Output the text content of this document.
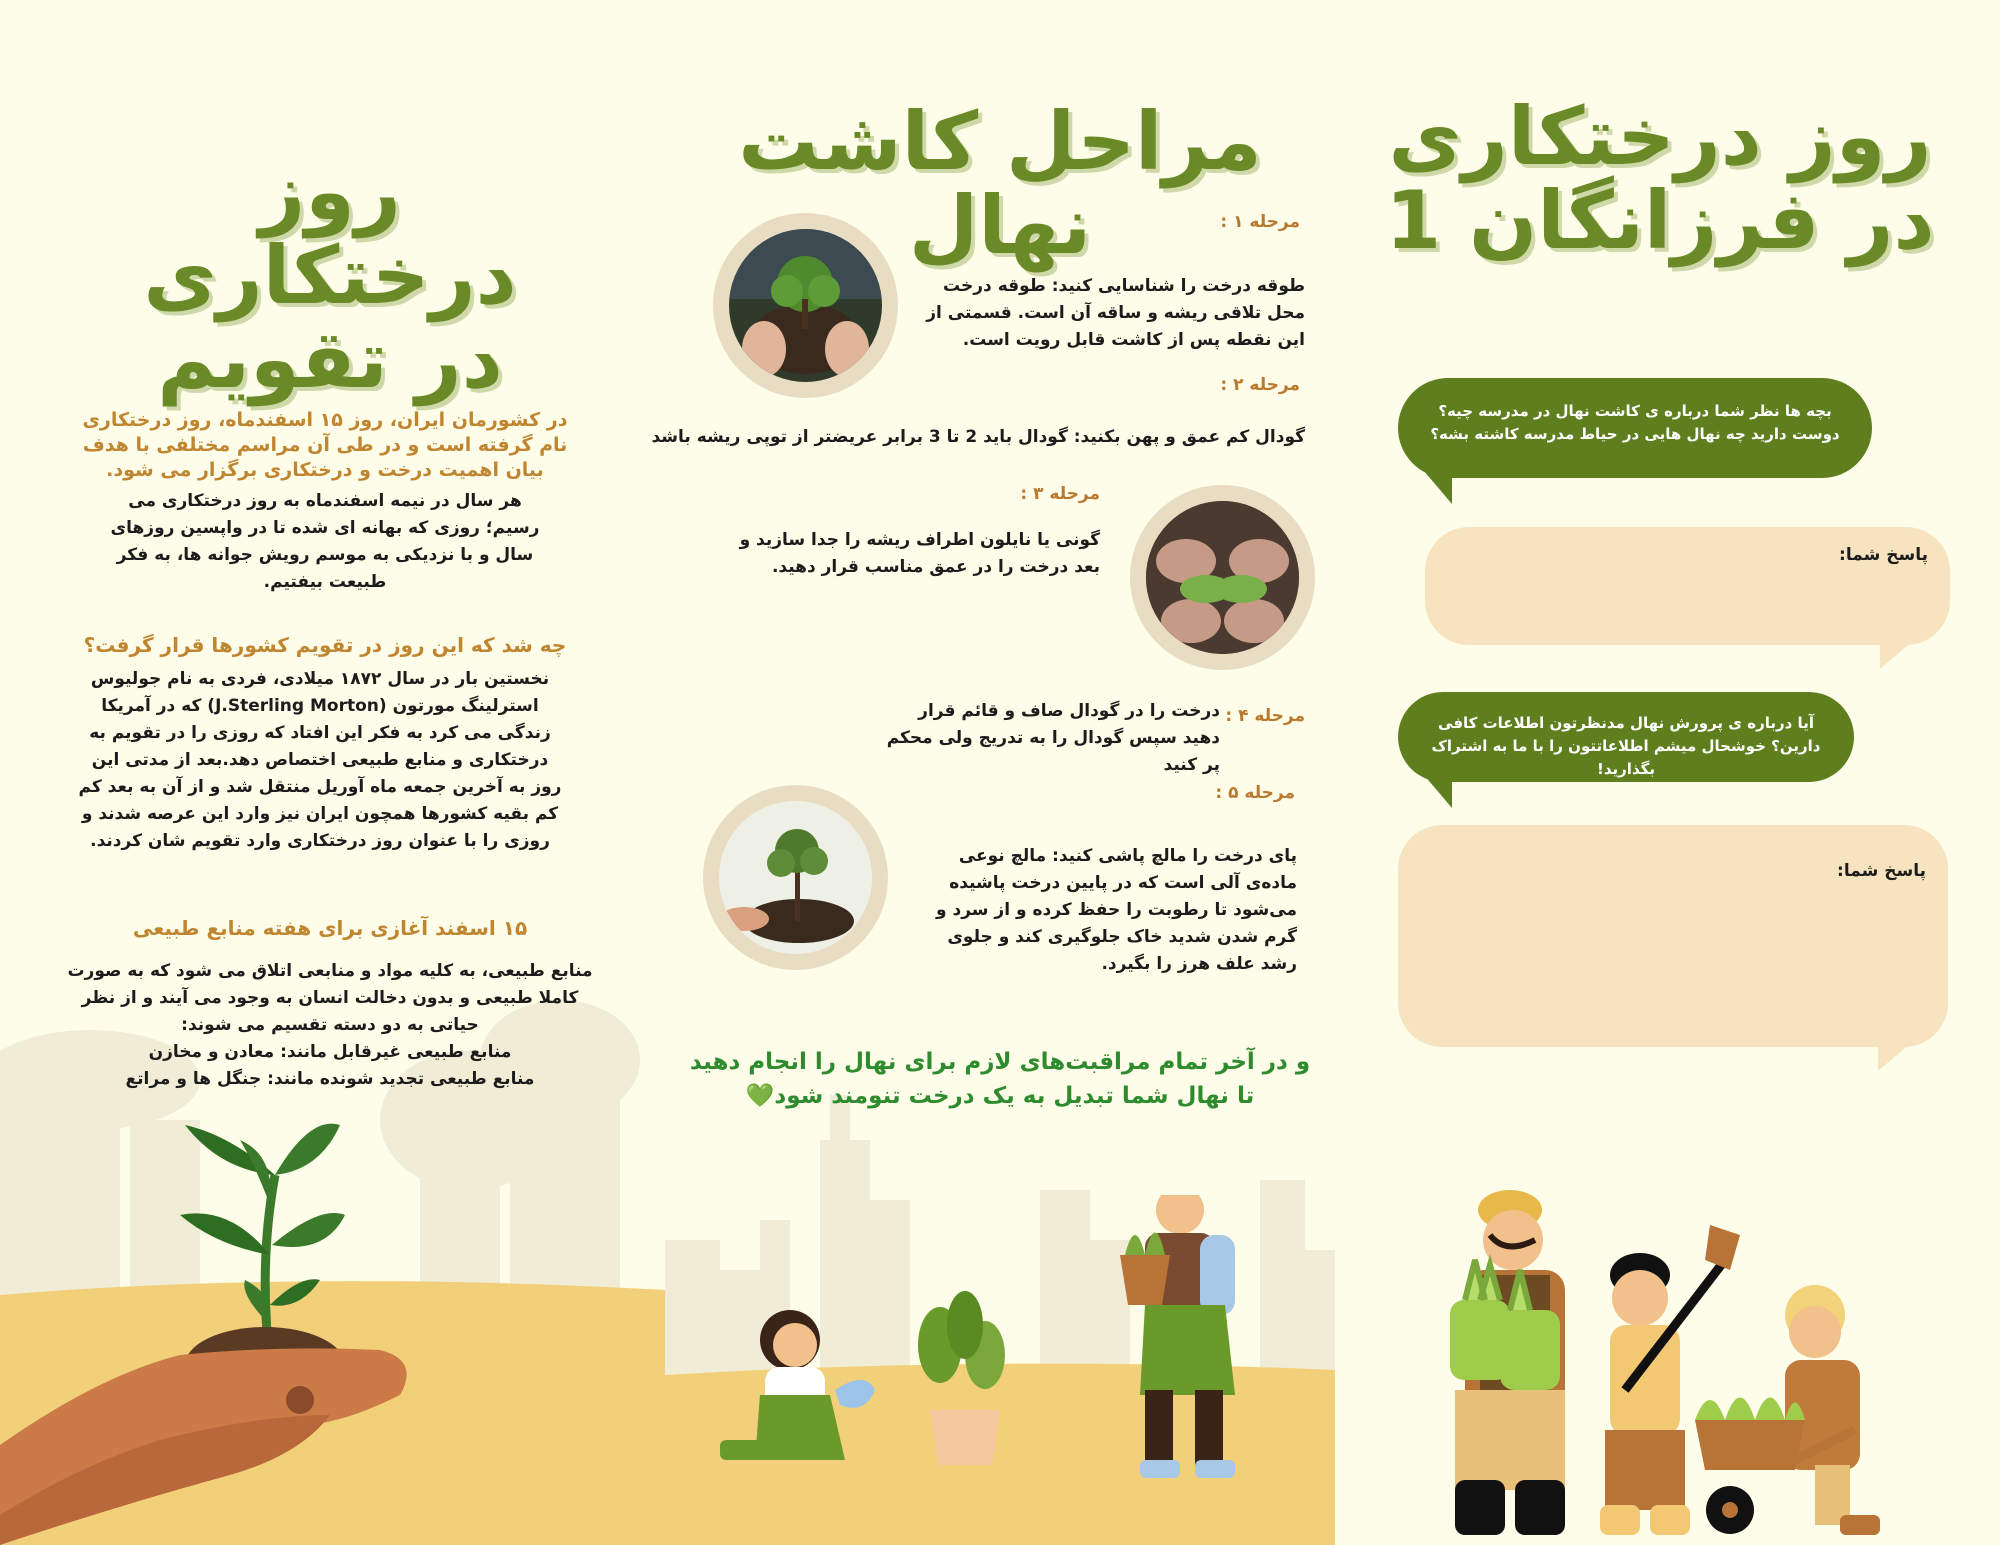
روز درختکاری
در فرزانگان 1
بچه ها نظر شما درباره ی کاشت نهال در مدرسه چیه؟دوست دارید چه نهال هایی در حیاط مدرسه کاشته بشه؟
پاسخ شما:
آیا درباره ی پرورش نهال مدنظرتون اطلاعات کافی دارین؟ خوشحال میشم اطلاعاتتون را با ما به اشتراک بگذارید!
پاسخ شما:
مراحل کاشت نهال	مرحله ۱ :
طوقه درخت را شناسایی کنید: طوقه درخت محل تلاقی ریشه و ساقه آن است. قسمتی از این نقطه پس از کاشت قابل رویت است.
مرحله ۲ :
گودال کم عمق و پهن بکنید: گودال باید 2 تا 3 برابر عریضتر از توپی ریشه باشد
مرحله ۳ :
گونی یا نایلون اطراف ریشه را جدا سازید و بعد درخت را در عمق مناسب قرار دهید.
مرحله ۴ :
درخت را در گودال صاف و قائم قرار دهید سپس گودال را به تدریج ولی محکم پر کنید
مرحله ۵ :
پای درخت را مالچ پاشی کنید: مالچ نوعی ماده‌ی آلی است که در پایین درخت پاشیده می‌شود تا رطوبت را حفظ کرده و از سرد و گرم شدن شدید خاک جلوگیری کند و جلوی رشد علف هرز را بگیرد.
و در آخر تمام مراقبت‌های لازم برای نهال را انجام دهید
تا نهال شما تبدیل به یک درخت تنومند شود💚
روز درختکاری
در تقویم
در کشورمان ایران، روز ۱۵ اسفندماه، روز درختکاری نام گرفته است و در طی آن مراسم مختلفی با هدف بیان اهمیت درخت و درختکاری برگزار می شود.
هر سال در نیمه اسفندماه به روز درختکاری می رسیم؛ روزی که بهانه ای شده تا در واپسین روزهای سال و با نزدیکی به موسم رویش جوانه ها، به فکر طبیعت بیفتیم.
چه شد که این روز در تقویم کشورها قرار گرفت؟
نخستین بار در سال ۱۸۷۲ میلادی، فردی به نام جولیوس استرلینگ مورتون (J.Sterling Morton) که در آمریکا زندگی می کرد به فکر این افتاد که روزی را در تقویم به درختکاری و منابع طبیعی اختصاص دهد.بعد از مدتی این روز به آخرین جمعه ماه آوریل منتقل شد و از آن به بعد کم کم بقیه کشورها همچون ایران نیز وارد این عرصه شدند و روزی را با عنوان روز درختکاری وارد تقویم شان کردند.
۱۵ اسفند آغازی برای هفته منابع طبیعی
منابع طبیعی، به کلیه مواد و منابعی اتلاق می شود که به صورت کاملا طبیعی و بدون دخالت انسان به وجود می آیند و از نظر حیاتی به دو دسته تقسیم می شوند:
منابع طبیعی غیرقابل مانند: معادن و مخازن
منابع طبیعی تجدید شونده مانند: جنگل ها و مراتع
